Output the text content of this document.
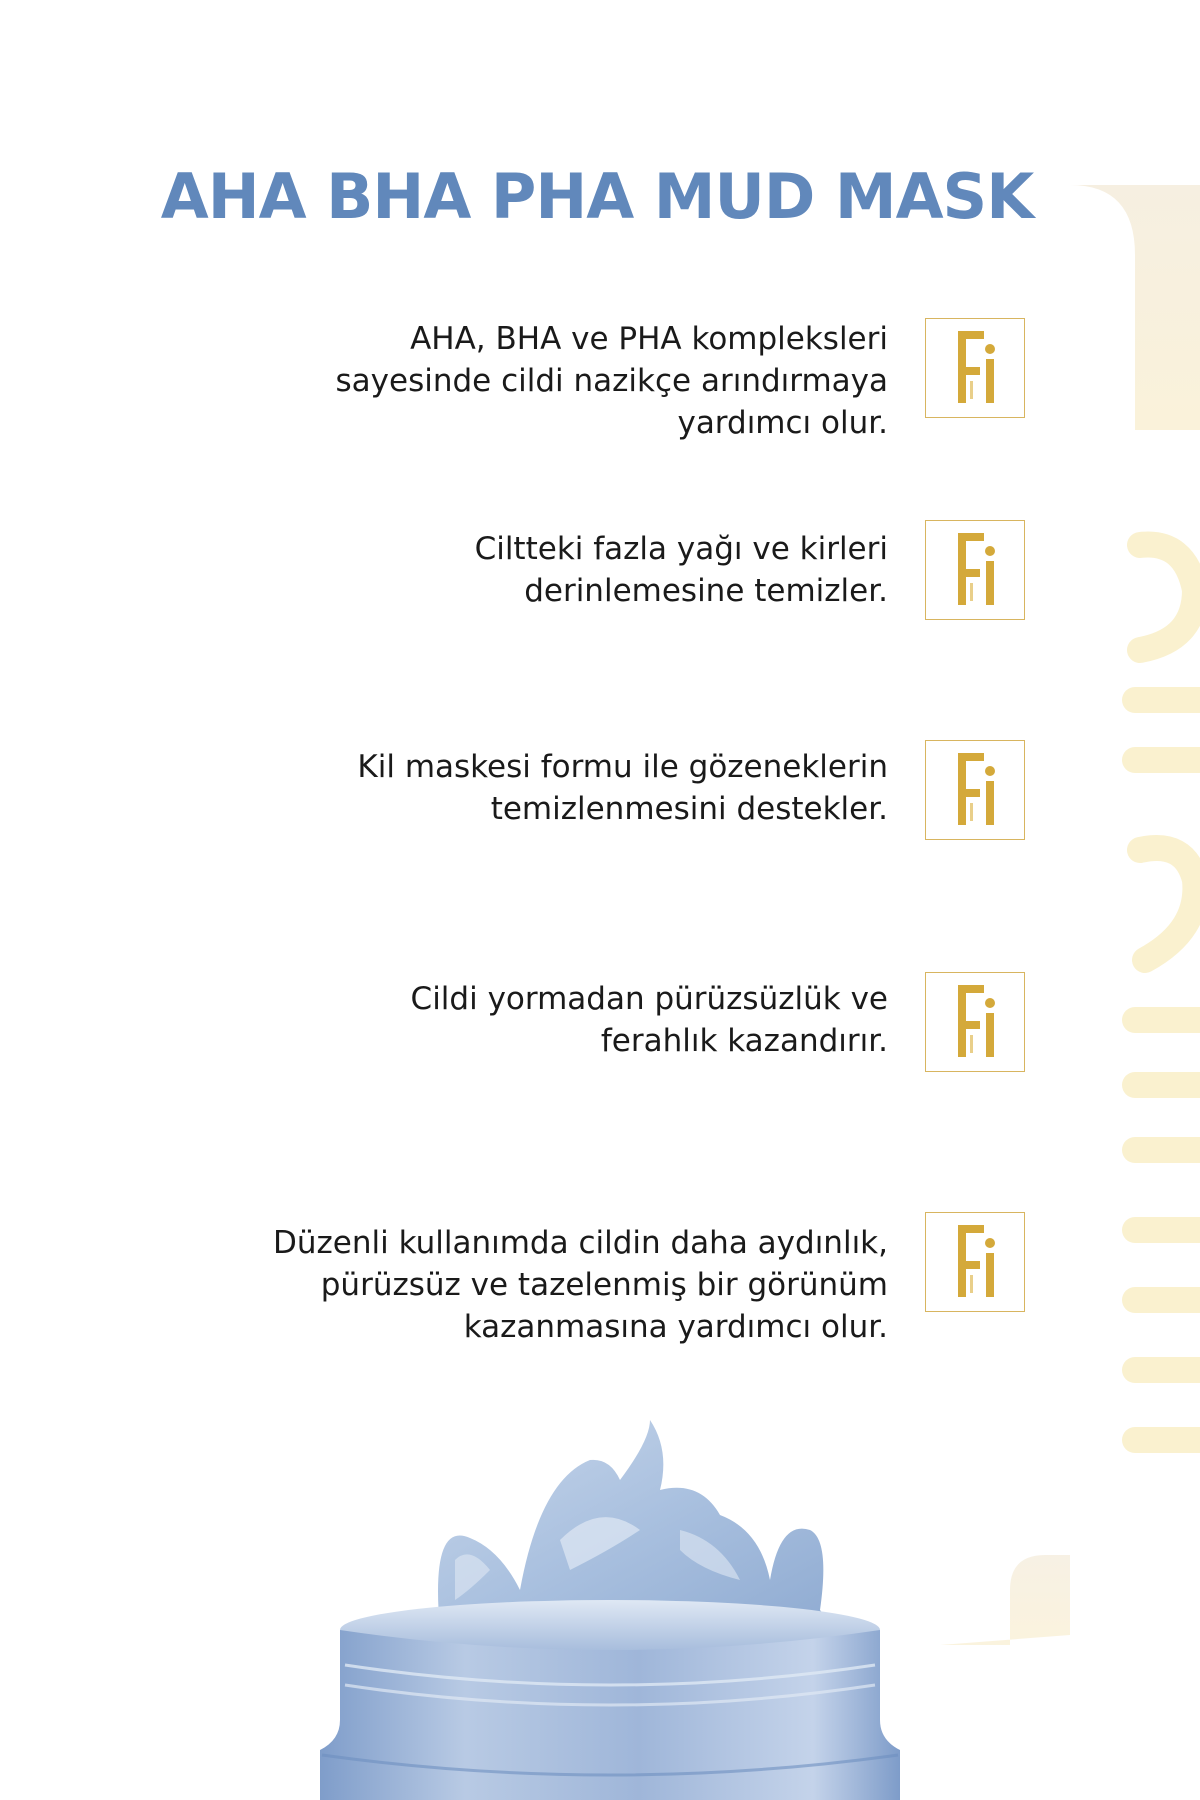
AHA BHA PHA MUD MASK
AHA, BHA ve PHA kompleksleri
sayesinde cildi nazikçe arındırmaya
yardımcı olur.
Ciltteki fazla yağı ve kirleri
derinlemesine temizler.
Kil maskesi formu ile gözeneklerin
temizlenmesini destekler.
Cildi yormadan pürüzsüzlük ve
ferahlık kazandırır.
Düzenli kullanımda cildin daha aydınlık,
pürüzsüz ve tazelenmiş bir görünüm
kazanmasına yardımcı olur.
